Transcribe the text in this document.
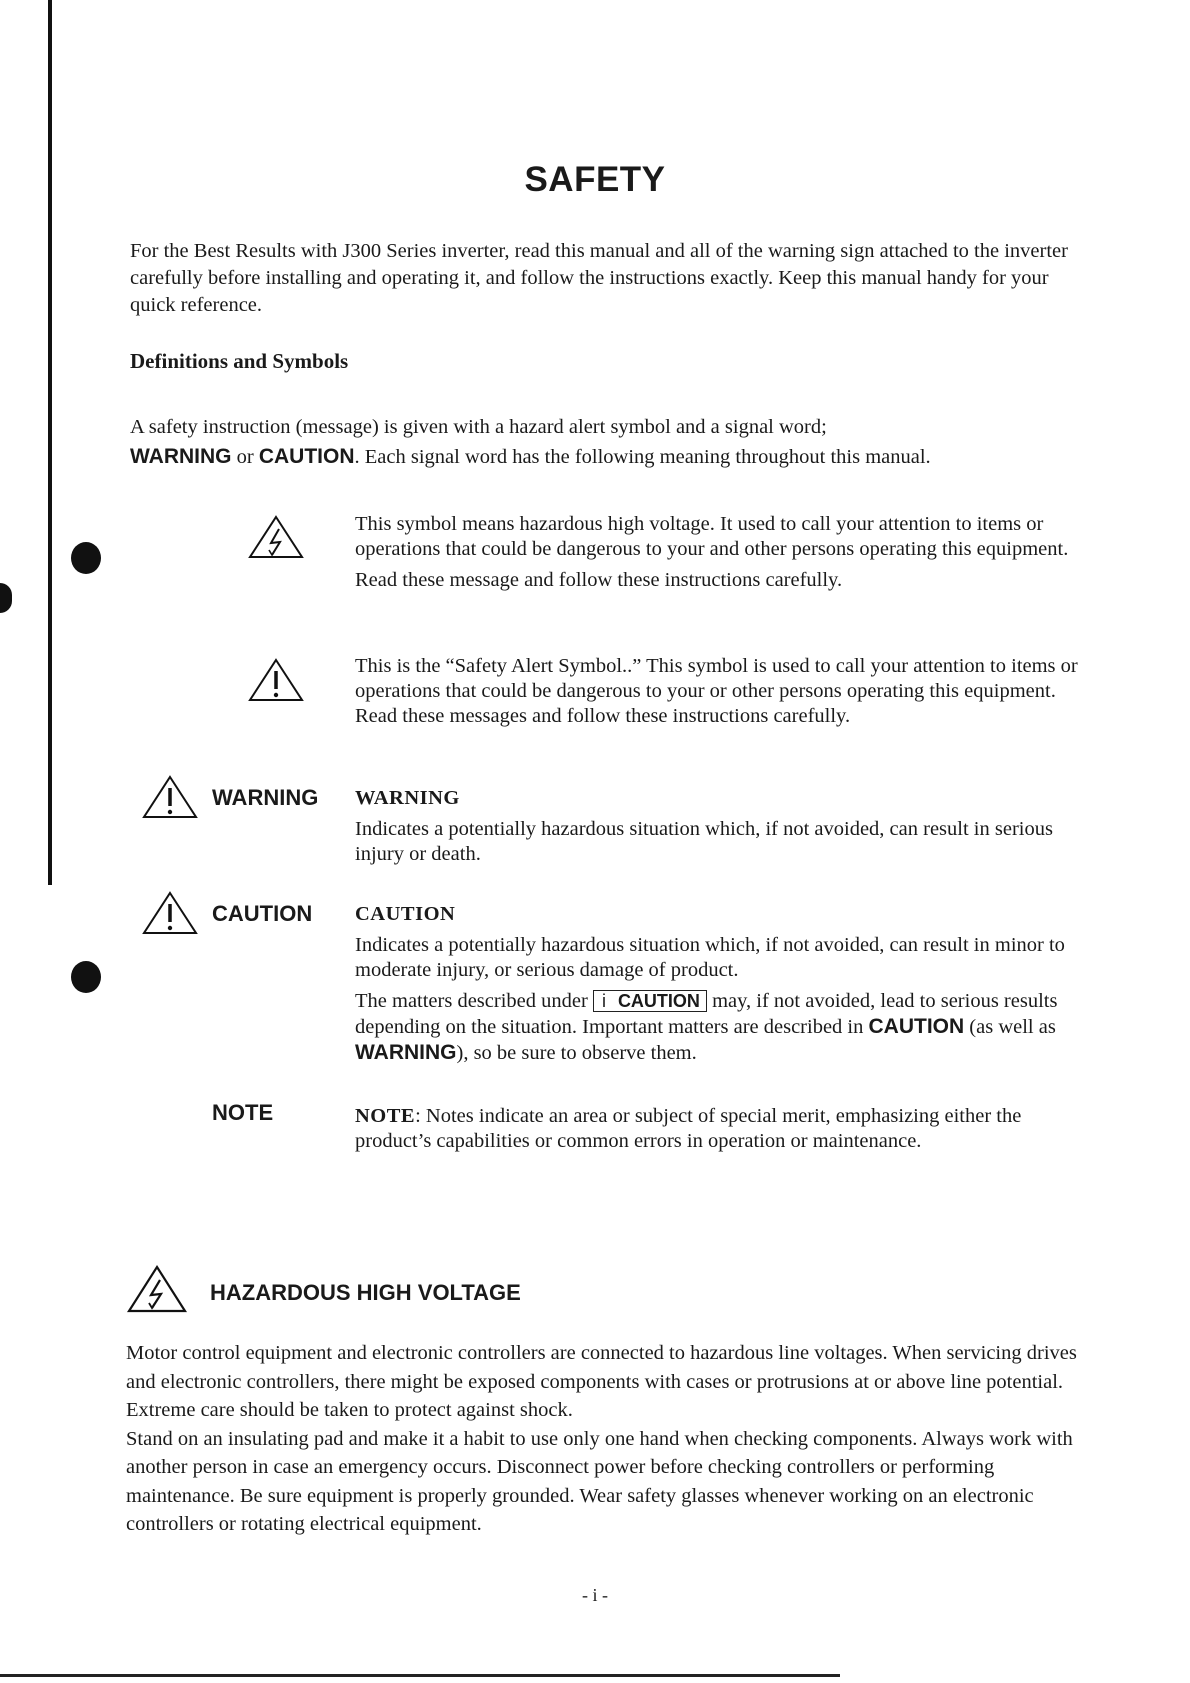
SAFETY

For the Best Results with J300 Series inverter, read this manual and all of the warning sign attached to the inverter carefully before installing and operating it, and follow the instructions exactly. Keep this manual handy for your quick reference.

Definitions and Symbols

A safety instruction (message) is given with a hazard alert symbol and a signal word;
WARNING or CAUTION. Each signal word has the following meaning throughout this manual.

This symbol means hazardous high voltage. It used to call your attention to items or operations that could be dangerous to your and other persons operating this equipment.

Read these message and follow these instructions carefully.

This is the “Safety Alert Symbol..” This symbol is used to call your attention to items or operations that could be dangerous to your or other persons operating this equipment. Read these messages and follow these instructions carefully.

WARNING WARNING

Indicates a potentially hazardous situation which, if not avoided, can result in serious injury or death.

CAUTION CAUTION

Indicates a potentially hazardous situation which, if not avoided, can result in minor to moderate injury, or serious damage of product.

The matters described under i CAUTION may, if not avoided, lead to serious results depending on the situation. Important matters are described in CAUTION (as well as WARNING), so be sure to observe them.

NOTE	NOTE: Notes indicate an area or subject of special merit, emphasizing either the product’s capabilities or common errors in operation or maintenance.

HAZARDOUS HIGH VOLTAGE

Motor control equipment and electronic controllers are connected to hazardous line voltages. When servicing drives and electronic controllers, there might be exposed components with cases or protrusions at or above line potential. Extreme care should be taken to protect against shock.
Stand on an insulating pad and make it a habit to use only one hand when checking components. Always work with another person in case an emergency occurs. Disconnect power before checking controllers or performing maintenance. Be sure equipment is properly grounded. Wear safety glasses whenever working on an electronic controllers or rotating electrical equipment.

- i -
